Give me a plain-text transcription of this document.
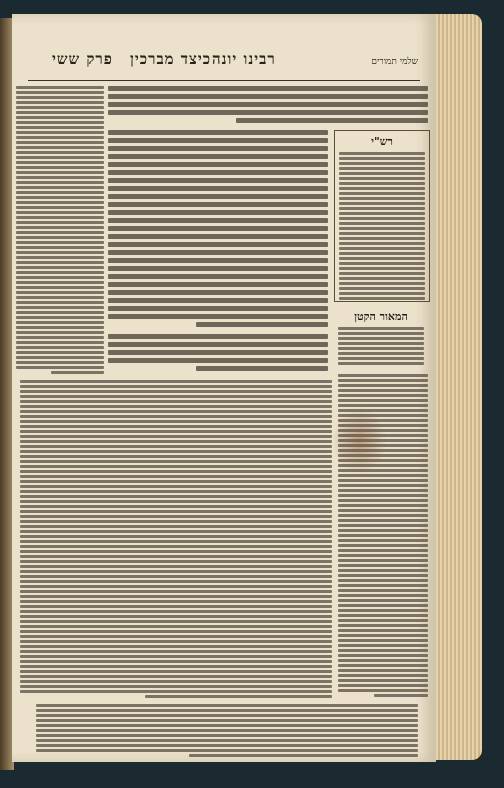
שלמי תמורים
רבינו יונה
כיצד מברכין
פרק ששי
רש"י
המאור הקטן
